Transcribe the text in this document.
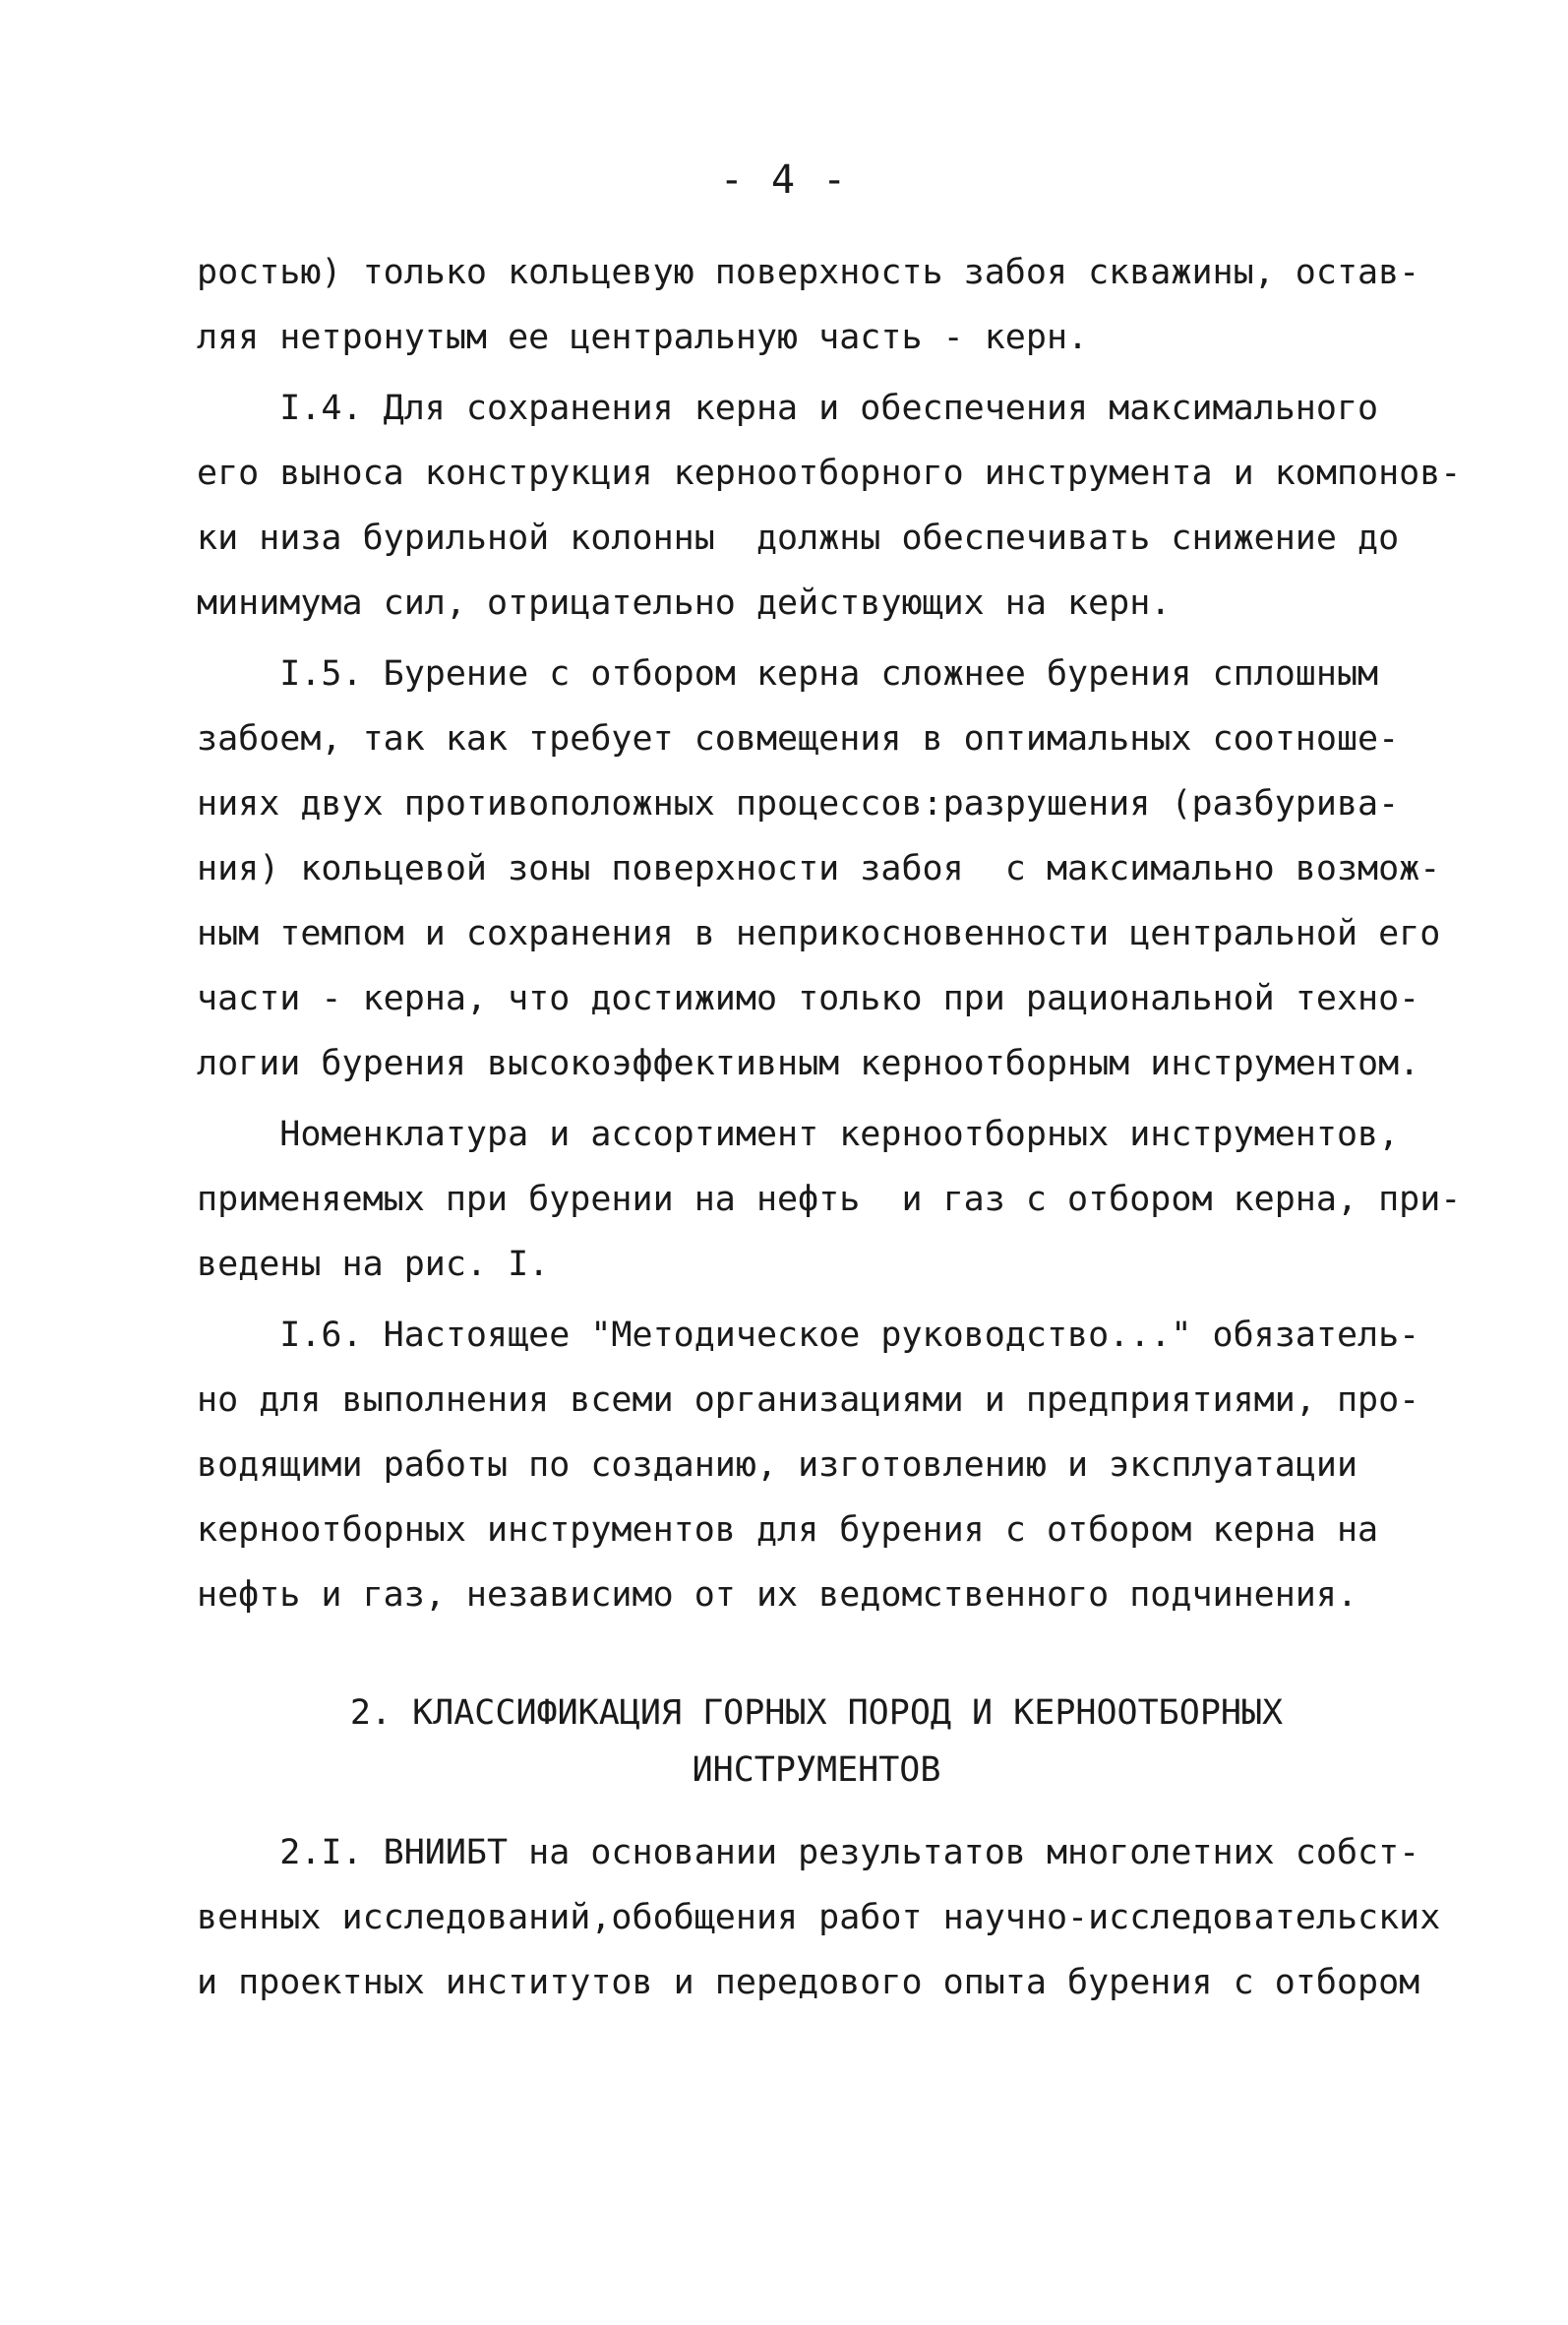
- 4 -
ростью) только кольцевую поверхность забоя скважины, остав-
ляя нетронутым ее центральную часть - керн.
I.4. Для сохранения керна и обеспечения максимального
его выноса конструкция керноотборного инструмента и компонов-
ки низа бурильной колонны  должны обеспечивать снижение до
минимума сил, отрицательно действующих на керн.
I.5. Бурение с отбором керна сложнее бурения сплошным
забоем, так как требует совмещения в оптимальных соотноше-
ниях двух противоположных процессов:разрушения (разбурива-
ния) кольцевой зоны поверхности забоя  с максимально возмож-
ным темпом и сохранения в неприкосновенности центральной его
части - керна, что достижимо только при рациональной техно-
логии бурения высокоэффективным керноотборным инструментом.
Номенклатура и ассортимент керноотборных инструментов,
применяемых при бурении на нефть  и газ с отбором керна, при-
ведены на рис. I.
I.6. Настоящее "Методическое руководство..." обязатель-
но для выполнения всеми организациями и предприятиями, про-
водящими работы по созданию, изготовлению и эксплуатации
керноотборных инструментов для бурения с отбором керна на
нефть и газ, независимо от их ведомственного подчинения.
2. КЛАССИФИКАЦИЯ ГОРНЫХ ПОРОД И КЕРНООТБОРНЫХ
ИНСТРУМЕНТОВ
2.I. ВНИИБТ на основании результатов многолетних собст-
венных исследований,обобщения работ научно-исследовательских
и проектных институтов и передового опыта бурения с отбором
